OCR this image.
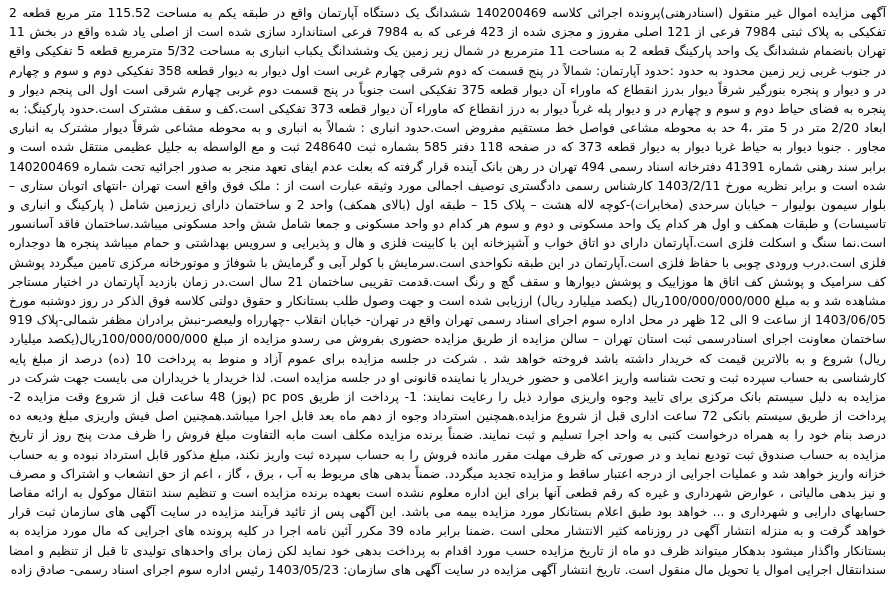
آگهی مزایده اموال غیر منقول (اسنادرهنی)پرونده اجرائی کلاسه 140200469 ششدانگ یک دستگاه آپارتمان واقع در طبقه یکم به مساحت 115.52 متر مربع قطعه 2 تفکیکی به پلاک ثبتی 7984 فرعی از 121 اصلی مفروز و مجزی شده از 423 فرعی که به 7984 فرعی استاندارد سازی شده است از اصلی یاد شده واقع در بخش 11 تهران بانضمام ششدانگ یک واحد پارکینگ قطعه 2 به مساحت 11 مترمربع در شمال زیر زمین یک وششدانگ یکباب انباری به مساحت 5/32 مترمربع قطعه 5 تفکیکی واقع در جنوب غربی زیر زمین محدود به حدود :حدود آپارتمان: شمالاً در پنج قسمت که دوم شرقی چهارم غربی است اول دیوار به دیوار قطعه 358 تفکیکی دوم و سوم و چهارم در و دیوار و پنجره بنورگیر شرقاً دیوار بدرز انقطاع که ماوراء آن دیوار قطعه 375 تفکیکی است جنوباً در پنج قسمت دوم غربی چهارم شرقی است اول الی پنجم دیوار و پنجره به فضای حیاط دوم و سوم و چهارم در و دیوار پله غرباً دیوار به درز انقطاع که ماوراء آن دیوار قطعه 373 تفکیکی است.کف و سقف مشترک است.حدود پارکینگ: به ابعاد 2/20 متر در 5 متر ،4 حد به محوطه مشاعی فواصل خط مستقیم مفروض است.حدود انباری : شمالاً به انباری و به محوطه مشاعی شرقاً دیوار مشترک به انباری مجاور . جنوبا دیوار به حیاط غربا دیوار به دیوار قطعه 373 که در صفحه 118 دفتر 585 بشماره ثبت 248640 ثبت و مع الواسطه به جلیل عظیمی منتقل شده است و برابر سند رهنی شماره 41391 دفترخانه اسناد رسمی 494 تهران در رهن بانک آینده قرار گرفته که بعلت عدم ایفای تعهد منجر به صدور اجرائیه تحت شماره 140200469 شده است و برابر نظریه مورخ 1403/2/11 کارشناس رسمی دادگستری توصیف اجمالی مورد وثیقه عبارت است از : ملک فوق واقع است تهران -انتهای اتوبان ستاری – بلوار سیمون بولیوار – خیابان سرحدی (مخابرات)-کوچه لاله هشت – پلاک 15 – طبقه اول (بالای همکف) واحد 2 و ساختمان دارای زیرزمین شامل ( پارکینگ و انباری و تاسیسات) و طبقات همکف و اول هر کدام یک واحد مسکونی و دوم و سوم هر کدام دو واحد مسکونی و جمعا شامل شش واحد مسکونی میباشد.ساختمان فاقد آسانسور است.نما سنگ و اسکلت فلزی است.آپارتمان دارای دو اتاق خواب و آشپزخانه اپن با کابینت فلزی و هال و پذیرایی و سرویس بهداشتی و حمام میباشد پنجره ها دوجداره فلزی است.درب ورودی چوبی با حفاظ فلزی است.آپارتمان در این طبقه نکواحدی است.سرمایش با کولر آبی و گرمایش با شوفاژ و موتورخانه مرکزی تامین میگردد پوشش کف سرامیک و پوشش کف اتاق ها موزاییک و پوشش دیوارها و سقف گچ و رنگ است.قدمت تقریبی ساختمان 21 سال است.در زمان بازدید آپارتمان در اختیار مستاجر مشاهده شد و به مبلغ 100/000/000/000ریال (یکصد میلیارد ریال) ارزیابی شده است و جهت وصول طلب بستانکار و حقوق دولتی کلاسه فوق الذکر در روز دوشنبه مورخ 1403/06/05 از ساعت 9 الی 12 ظهر در محل اداره سوم اجرای اسناد رسمی تهران واقع در تهران- خیابان انقلاب -چهارراه ولیعصر-نبش برادران مظفر شمالی-پلاک 919 ساختمان معاونت اجرای اسنادرسمی ثبت استان تهران – سالن مزایده از طریق مزایده حضوری بفروش می رسدو مزایده از مبلغ 100/000/000/000ریال(یکصد میلیارد ریال) شروع و به بالاترین قیمت که خریدار داشته باشد فروخته خواهد شد . شرکت در جلسه مزایده برای عموم آزاد و منوط به پرداخت 10 (ده) درصد از مبلغ پایه کارشناسی به حساب سپرده ثبت و تحت شناسه واریز اعلامی و حضور خریدار یا نماینده قانونی او در جلسه مزایده است. لذا خریدار یا خریداران می بایست جهت شرکت در مزایده به دلیل سیستم بانک مرکزی برای تایید وجوه واریزی موارد ذیل را رعایت نمایند: 1- پرداخت از طریق pc pos (پوز) 48 ساعت قبل از شروع وقت مزایده 2- پرداخت از طریق سیستم بانکی 72 ساعت اداری قبل از شروع مزایده.همچنین استرداد وجوه از دهم ماه بعد قابل اجرا میباشد.همچنین اصل فیش واریزی مبلغ ودیعه ده درصد بنام خود را به همراه درخواست کتبی به واحد اجرا تسلیم و ثبت نمایند. ضمناً برنده مزایده مکلف است مابه التفاوت مبلغ فروش را ظرف مدت پنج روز از تاریخ مزایده به حساب صندوق ثبت تودیع نماید و در صورتی که ظرف مهلت مقرر مانده فروش را به حساب سپرده ثبت واریز نکند، مبلغ مذکور قابل استرداد نبوده و به حساب خزانه واریز خواهد شد و عملیات اجرایی از درجه اعتبار ساقط و مزایده تجدید میگردد. ضمناً بدهی های مربوط به آب ، برق ، گاز ، اعم از حق انشعاب و اشتراک و مصرف و نیز بدهی مالیاتی ، عوارض شهرداری و غیره که رقم قطعی آنها برای این اداره معلوم نشده است بعهده برنده مزایده است و تنظیم سند انتقال موکول به ارائه مفاصا حسابهای دارایی و شهرداری و ... خواهد بود طبق اعلام بستانکار مورد مزایده بیمه می باشد. این آگهی پس از تائید فرآیند مزایده در سایت آگهی های سازمان ثبت قرار خواهد گرفت و به منزله انتشار آگهی در روزنامه کثیر الانتشار محلی است .ضمنا برابر ماده 39 مکرر آئین نامه اجرا در کلیه پرونده های اجرایی که مال مورد مزایده به بستانکار واگذار میشود بدهکار میتواند ظرف دو ماه از تاریخ مزایده حسب مورد اقدام به پرداخت بدهی خود نماید لکن زمان برای واحدهای تولیدی تا قبل از تنظیم و امضا سندانتقال اجرایی اموال یا تحویل مال منقول است. تاریخ انتشار آگهی مزایده در سایت آگهی های سازمان: 1403/05/23 رئیس اداره سوم اجرای اسناد رسمی- صادق زاده
